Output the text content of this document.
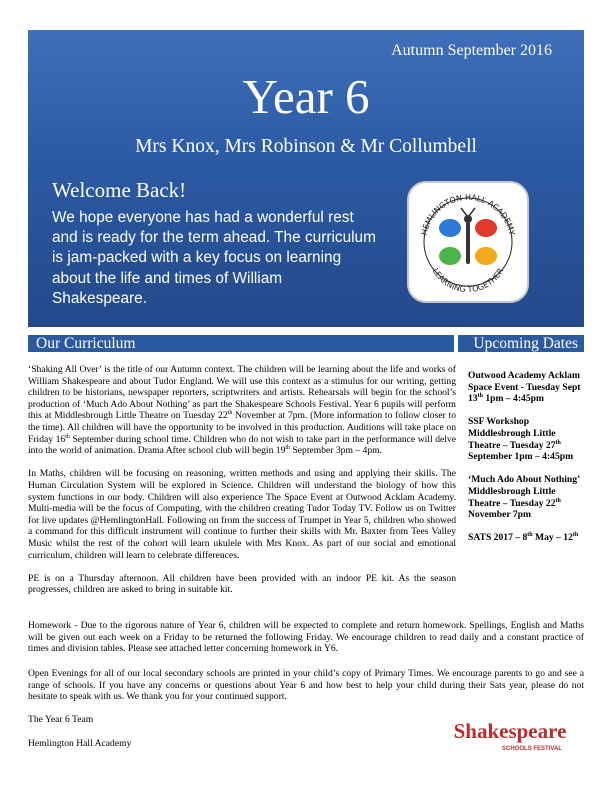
Autumn September 2016
Year 6
Mrs Knox, Mrs Robinson & Mr Collumbell
Welcome Back!
We hope everyone has had a wonderful rest and is ready for the term ahead. The curriculum is jam-packed with a key focus on learning about the life and times of William Shakespeare.
HEMLINGTON HALL ACADEMY
LEARNING TOGETHER
Our Curriculum	Upcoming Dates

‘Shaking All Over’ is the title of our Autumn context. The children will be learning about the life and works of William Shakespeare and about Tudor England. We will use this context as a stimulus for our writing, getting children to be historians, newspaper reporters, scriptwriters and artists. Rehearsals will begin for the school’s production of ‘Much Ado About Nothing’ as part the Shakespeare Schools Festival. Year 6 pupils will perform this at Middlesbrough Little Theatre on Tuesday 22th November at 7pm. (More information to follow closer to the time). All children will have the opportunity to be involved in this production. Auditions will take place on Friday 16th September during school time. Children who do not wish to take part in the performance will delve into the world of animation. Drama After school club will begin 19th September 3pm – 4pm.

In Maths, children will be focusing on reasoning, written methods and using and applying their skills. The Human Circulation System will be explored in Science. Children will understand the biology of how this system functions in our body. Children will also experience The Space Event at Outwood Acklam Academy. Multi-media will be the focus of Computing, with the children creating Tudor Today TV. Follow us on Twitter for live updates @HemlingtonHall. Following on from the success of Trumpet in Year 5, children who showed a command for this difficult instrument will continue to further their skills with Mr. Baxter from Tees Valley Music whilst the rest of the cohort will learn ukulele with Mrs Knox. As part of our social and emotional curriculum, children will learn to celebrate differences.

PE is on a Thursday afternoon. All children have been provided with an indoor PE kit. As the season progresses, children are asked to bring in suitable kit.

Homework - Due to the rigorous nature of Year 6, children will be expected to complete and return homework. Spellings, English and Maths will be given out each week on a Friday to be returned the following Friday. We encourage children to read daily and a constant practice of times and division tables. Please see attached letter concerning homework in Y6.

Open Evenings for all of our local secondary schools are printed in your child’s copy of Primary Times. We encourage parents to go and see a range of schools. If you have any concerns or questions about Year 6 and how best to help your child during their Sats year, please do not hesitate to speak with us. We thank you for your continued support.

Outwood Academy Acklam Space Event - Tuesday Sept 13th 1pm – 4:45pm
SSF Workshop Middlesbrough Little Theatre – Tuesday 27th September 1pm – 4:45pm
‘Much Ado About Nothing’ Middlesbrough Little Theatre – Tuesday 22th November 7pm
SATS 2017 – 8th May – 12th
The Year 6 Team
Hemlington Hall Academy
Shakespeare
SCHOOLS FESTIVAL
